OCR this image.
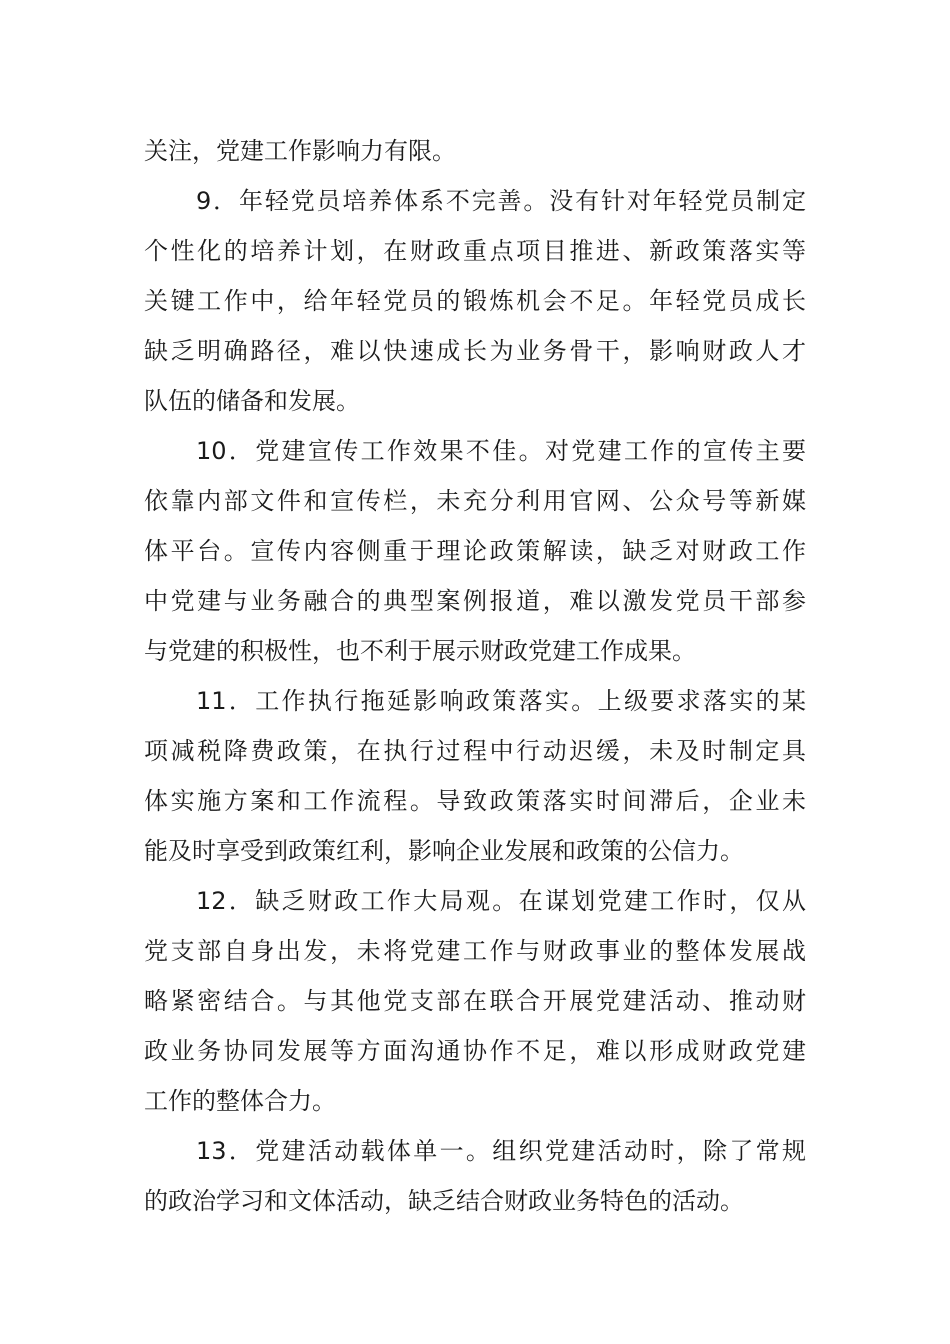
关注，党建工作影响力有限。
9．年轻党员培养体系不完善。没有针对年轻党员制定
个性化的培养计划，在财政重点项目推进、新政策落实等
关键工作中，给年轻党员的锻炼机会不足。年轻党员成长
缺乏明确路径，难以快速成长为业务骨干，影响财政人才
队伍的储备和发展。
10．党建宣传工作效果不佳。对党建工作的宣传主要
依靠内部文件和宣传栏，未充分利用官网、公众号等新媒
体平台。宣传内容侧重于理论政策解读，缺乏对财政工作
中党建与业务融合的典型案例报道，难以激发党员干部参
与党建的积极性，也不利于展示财政党建工作成果。
11．工作执行拖延影响政策落实。上级要求落实的某
项减税降费政策，在执行过程中行动迟缓，未及时制定具
体实施方案和工作流程。导致政策落实时间滞后，企业未
能及时享受到政策红利，影响企业发展和政策的公信力。
12．缺乏财政工作大局观。在谋划党建工作时，仅从
党支部自身出发，未将党建工作与财政事业的整体发展战
略紧密结合。与其他党支部在联合开展党建活动、推动财
政业务协同发展等方面沟通协作不足，难以形成财政党建
工作的整体合力。
13．党建活动载体单一。组织党建活动时，除了常规
的政治学习和文体活动，缺乏结合财政业务特色的活动。
